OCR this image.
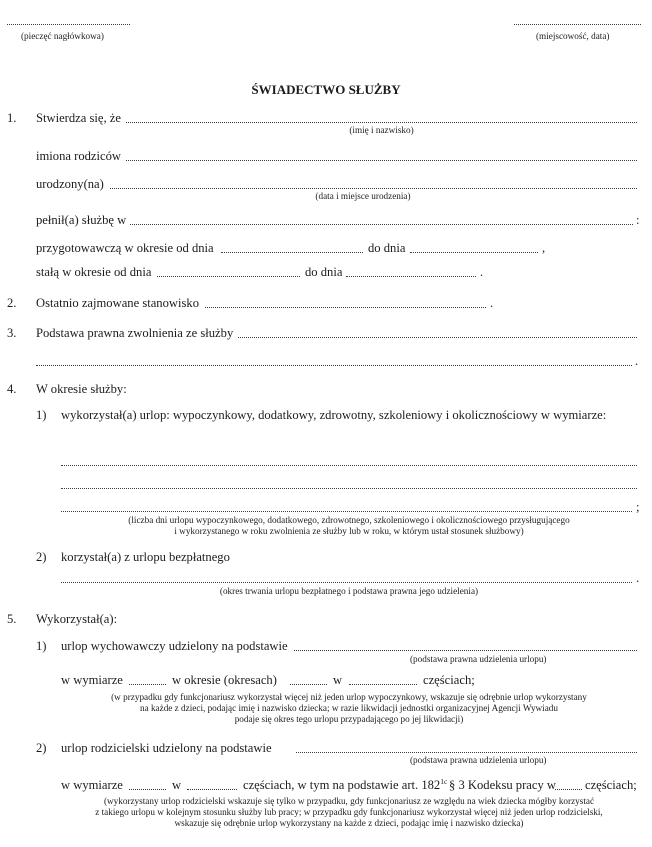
(pieczęć nagłówkowa)	(miejscowość, data)
ŚWIADECTWO SŁUŻBY
1. Stwierdza się, że
(imię i nazwisko)
imiona rodziców
urodzony(na)
(data i miejsce urodzenia)
pełnił(a) służbę w	:
przygotowawczą w okresie od dnia	do dnia	,
stałą w okresie od dnia	do dnia	.
2. Ostatnio zajmowane stanowisko	.
3. Podstawa prawna zwolnienia ze służby
.
4. W okresie służby:
1) wykorzystał(a) urlop: wypoczynkowy, dodatkowy, zdrowotny, szkoleniowy i okolicznościowy w wymiarze:
;
(liczba dni urlopu wypoczynkowego, dodatkowego, zdrowotnego, szkoleniowego i okolicznościowego przysługującego
i wykorzystanego w roku zwolnienia ze służby lub w roku, w którym ustał stosunek służbowy)
2) korzystał(a) z urlopu bezpłatnego
.
(okres trwania urlopu bezpłatnego i podstawa prawna jego udzielenia)
5. Wykorzystał(a):
1) urlop wychowawczy udzielony na podstawie
(podstawa prawna udzielenia urlopu)
w wymiarze	w okresie (okresach)	w	częściach;
(w przypadku gdy funkcjonariusz wykorzystał więcej niż jeden urlop wypoczynkowy, wskazuje się odrębnie urlop wykorzystany
na każde z dzieci, podając imię i nazwisko dziecka; w razie likwidacji jednostki organizacyjnej Agencji Wywiadu
podaje się okres tego urlopu przypadającego po jej likwidacji)
2) urlop rodzicielski udzielony na podstawie
(podstawa prawna udzielenia urlopu)
w wymiarze	w	częściach, w tym na podstawie art. $182^{1c}$ § 3 Kodeksu pracy w częściach;
(wykorzystany urlop rodzicielski wskazuje się tylko w przypadku, gdy funkcjonariusz ze względu na wiek dziecka mógłby korzystać
z takiego urlopu w kolejnym stosunku służby lub pracy; w przypadku gdy funkcjonariusz wykorzystał więcej niż jeden urlop rodzicielski,
wskazuje się odrębnie urlop wykorzystany na każde z dzieci, podając imię i nazwisko dziecka)
